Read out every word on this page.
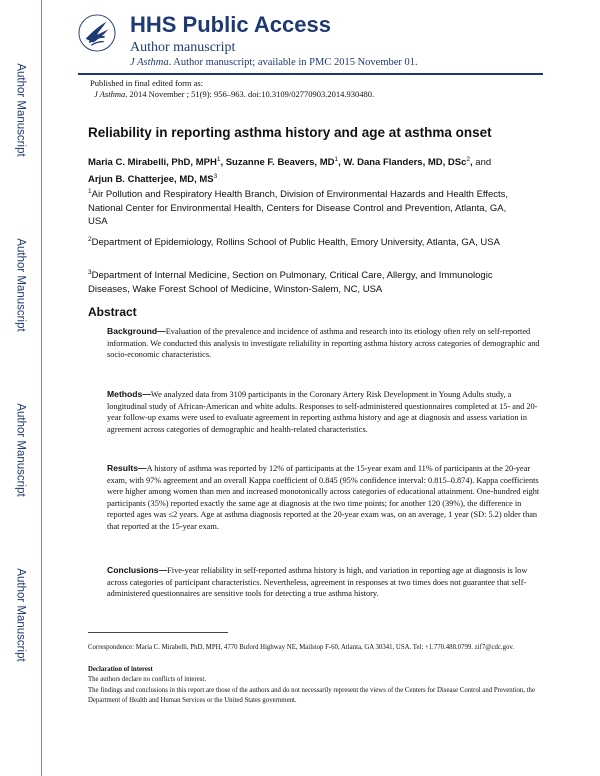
Author Manuscript
Author Manuscript
Author Manuscript
Author Manuscript
HHS Public Access
Author manuscript
J Asthma. Author manuscript; available in PMC 2015 November 01.
Published in final edited form as:
J Asthma. 2014 November ; 51(9): 956–963. doi:10.3109/02770903.2014.930480.
Reliability in reporting asthma history and age at asthma onset
Maria C. Mirabelli, PhD, MPH$^1$, Suzanne F. Beavers, $MD^1$, W. Dana Flanders, MD, DSc$^2$, and
Arjun B. Chatterjee, MD, $MS^3$
$^1$Air Pollution and Respiratory Health Branch, Division of Environmental Hazards and Health Effects, National Center for Environmental Health, Centers for Disease Control and Prevention, Atlanta, GA, USA
$^2$Department of Epidemiology, Rollins School of Public Health, Emory University, Atlanta, GA, USA
$^3$Department of Internal Medicine, Section on Pulmonary, Critical Care, Allergy, and Immunologic Diseases, Wake Forest School of Medicine, Winston-Salem, NC, USA
Abstract
Background—Evaluation of the prevalence and incidence of asthma and research into its etiology often rely on self-reported information. We conducted this analysis to investigate reliability in reporting asthma history across categories of demographic and socio-economic characteristics.
Methods—We analyzed data from 3109 participants in the Coronary Artery Risk Development in Young Adults study, a longitudinal study of African-American and white adults. Responses to self-administered questionnaires completed at 15- and 20-year follow-up exams were used to evaluate agreement in reporting asthma history and age at diagnosis and assess variation in agreement across categories of demographic and health-related characteristics.
Results—A history of asthma was reported by 12% of participants at the 15-year exam and 11% of participants at the 20-year exam, with 97% agreement and an overall Kappa coefficient of 0.845 (95% confidence interval: 0.815–0.874). Kappa coefficients were higher among women than men and increased monotonically across categories of educational attainment. One-hundred eight participants (35%) reported exactly the same age at diagnosis at the two time points; for another 120 (39%), the difference in reported ages was ≤2 years. Age at asthma diagnosis reported at the 20-year exam was, on an average, 1 year (SD: 5.2) older than that reported at the 15-year exam.
Conclusions—Five-year reliability in self-reported asthma history is high, and variation in reporting age at diagnosis is low across categories of participant characteristics. Nevertheless, agreement in responses at two times does not guarantee that self-administered questionnaires are sensitive tools for detecting a true asthma history.
Correspondence: Maria C. Mirabelli, PhD, MPH, 4770 Buford Highway NE, Mailstop F-60, Atlanta, GA 30341, USA. Tel: +1.770.488.0799. zif7@cdc.gov.
Declaration of interest
The authors declare no conflicts of interest.
The findings and conclusions in this report are those of the authors and do not necessarily represent the views of the Centers for Disease Control and Prevention, the Department of Health and Human Services or the United States government.
